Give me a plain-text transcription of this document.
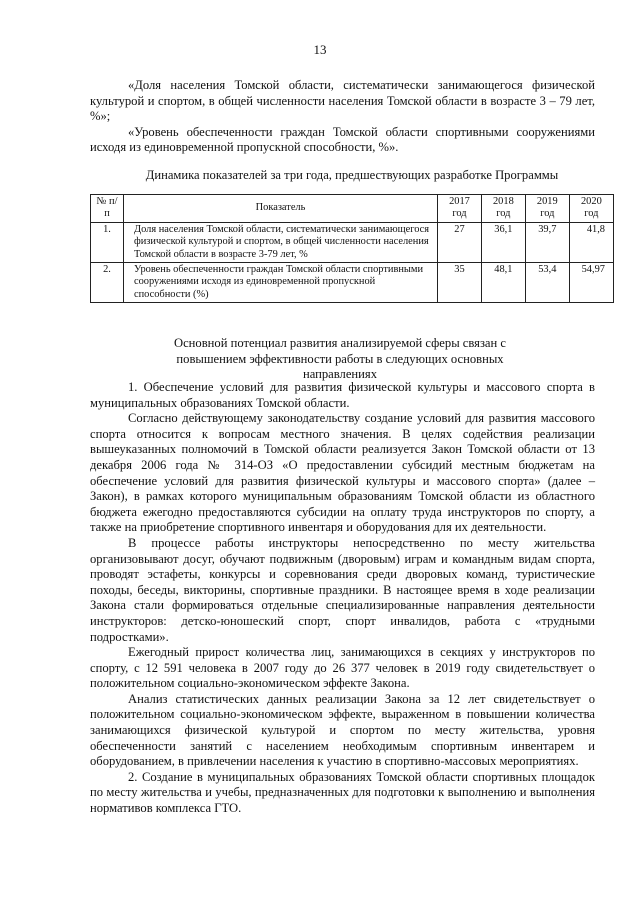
13

«Доля населения Томской области, систематически занимающегося физической культурой и спортом, в общей численности населения Томской области в возрасте 3 – 79 лет, %»;

«Уровень обеспеченности граждан Томской области спортивными сооружениями исходя из единовременной пропускной способности, %».

Динамика показателей за три года, предшествующих разработке Программы
№ п/п	Показатель	2017 год	2018 год	2019 год	2020 год
1.	Доля населения Томской области, систематически занимающегося физической культурой и спортом, в общей численности населения Томской области в возрасте 3-79 лет, %	27	36,1	39,7	41,8
2.	Уровень обеспеченности граждан Томской области спортивными сооружениями исходя из единовременной пропускной способности (%)	35	48,1	53,4	54,97
Основной потенциал развития анализируемой сферы связан с повышением эффективности работы в следующих основных направлениях

1. Обеспечение условий для развития физической культуры и массового спорта в муниципальных образованиях Томской области.

Согласно действующему законодательству создание условий для развития массового спорта относится к вопросам местного значения. В целях содействия реализации вышеуказанных полномочий в Томской области реализуется Закон Томской области от 13 декабря 2006 года № 314-ОЗ «О предоставлении субсидий местным бюджетам на обеспечение условий для развития физической культуры и массового спорта» (далее – Закон), в рамках которого муниципальным образованиям Томской области из областного бюджета ежегодно предоставляются субсидии на оплату труда инструкторов по спорту, а также на приобретение спортивного инвентаря и оборудования для их деятельности.

В процессе работы инструкторы непосредственно по месту жительства организовывают досуг, обучают подвижным (дворовым) играм и командным видам спорта, проводят эстафеты, конкурсы и соревнования среди дворовых команд, туристические походы, беседы, викторины, спортивные праздники. В настоящее время в ходе реализации Закона стали формироваться отдельные специализированные направления деятельности инструкторов: детско-юношеский спорт, спорт инвалидов, работа с «трудными подростками».

Ежегодный прирост количества лиц, занимающихся в секциях у инструкторов по спорту, с 12 591 человека в 2007 году до 26 377 человек в 2019 году свидетельствует о положительном социально-экономическом эффекте Закона.

Анализ статистических данных реализации Закона за 12 лет свидетельствует о положительном социально-экономическом эффекте, выраженном в повышении количества занимающихся физической культурой и спортом по месту жительства, уровня обеспеченности занятий с населением необходимым спортивным инвентарем и оборудованием, в привлечении населения к участию в спортивно-массовых мероприятиях.

2. Создание в муниципальных образованиях Томской области спортивных площадок по месту жительства и учебы, предназначенных для подготовки к выполнению и выполнения нормативов комплекса ГТО.
